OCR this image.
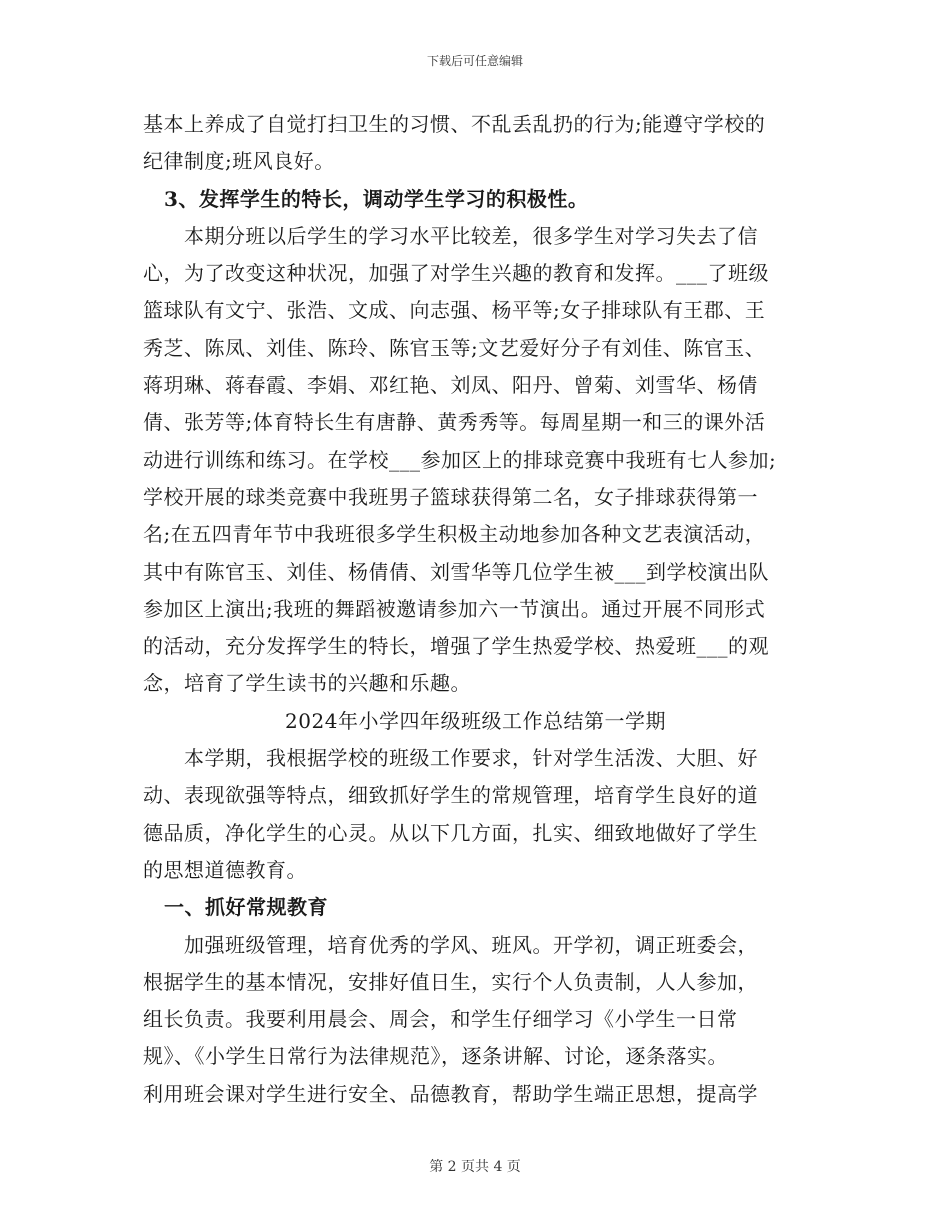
下载后可任意编辑
基本上养成了自觉打扫卫生的习惯、不乱丢乱扔的行为;能遵守学校的
纪律制度;班风良好。
3、发挥学生的特长，调动学生学习的积极性。
本期分班以后学生的学习水平比较差，很多学生对学习失去了信
心，为了改变这种状况，加强了对学生兴趣的教育和发挥。___了班级
篮球队有文宁、张浩、文成、向志强、杨平等;女子排球队有王郡、王
秀芝、陈凤、刘佳、陈玲、陈官玉等;文艺爱好分子有刘佳、陈官玉、
蒋玥琳、蒋春霞、李娟、邓红艳、刘凤、阳丹、曾菊、刘雪华、杨倩
倩、张芳等;体育特长生有唐静、黄秀秀等。每周星期一和三的课外活
动进行训练和练习。在学校___参加区上的排球竞赛中我班有七人参加;
学校开展的球类竞赛中我班男子篮球获得第二名，女子排球获得第一
名;在五四青年节中我班很多学生积极主动地参加各种文艺表演活动，
其中有陈官玉、刘佳、杨倩倩、刘雪华等几位学生被___到学校演出队
参加区上演出;我班的舞蹈被邀请参加六一节演出。通过开展不同形式
的活动，充分发挥学生的特长，增强了学生热爱学校、热爱班___的观
念，培育了学生读书的兴趣和乐趣。
2024年小学四年级班级工作总结第一学期
本学期，我根据学校的班级工作要求，针对学生活泼、大胆、好
动、表现欲强等特点，细致抓好学生的常规管理，培育学生良好的道
德品质，净化学生的心灵。从以下几方面，扎实、细致地做好了学生
的思想道德教育。
一、抓好常规教育
加强班级管理，培育优秀的学风、班风。开学初，调正班委会，
根据学生的基本情况，安排好值日生，实行个人负责制，人人参加，
组长负责。我要利用晨会、周会，和学生仔细学习《小学生一日常
规》、《小学生日常行为法律规范》，逐条讲解、讨论，逐条落实。
利用班会课对学生进行安全、品德教育，帮助学生端正思想，提高学
第 2 页共 4 页
